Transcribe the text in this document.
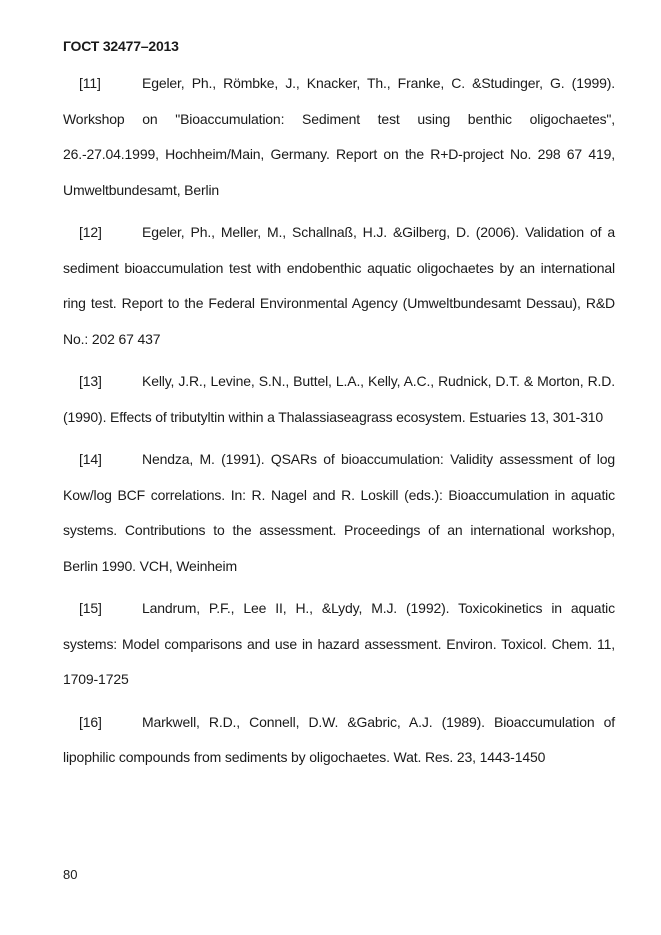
ГОСТ 32477–2013

[11]	Egeler, Ph., Römbke, J., Knacker, Th., Franke, C. &Studinger, G. (1999). Workshop on "Bioaccumulation: Sediment test using benthic oligochaetes", 26.-27.04.1999, Hochheim/Main, Germany. Report on the R+D-project No. 298 67 419, Umweltbundesamt, Berlin

[12]	Egeler, Ph., Meller, M., Schallnaß, H.J. &Gilberg, D. (2006). Validation of a sediment bioaccumulation test with endobenthic aquatic oligochaetes by an international ring test. Report to the Federal Environmental Agency (Umweltbundesamt Dessau), R&D No.: 202 67 437

[13]	Kelly, J.R., Levine, S.N., Buttel, L.A., Kelly, A.C., Rudnick, D.T. & Morton, R.D. (1990). Effects of tributyltin within a Thalassiaseagrass ecosystem. Estuaries 13, 301-310

[14]	Nendza, M. (1991). QSARs of bioaccumulation: Validity assessment of log Kow/log BCF correlations. In: R. Nagel and R. Loskill (eds.): Bioaccumulation in aquatic systems. Contributions to the assessment. Proceedings of an international workshop, Berlin 1990. VCH, Weinheim

[15]	Landrum, P.F., Lee II, H., &Lydy, M.J. (1992). Toxicokinetics in aquatic systems: Model comparisons and use in hazard assessment. Environ. Toxicol. Chem. 11, 1709-1725

[16]	Markwell, R.D., Connell, D.W. &Gabric, A.J. (1989). Bioaccumulation of lipophilic compounds from sediments by oligochaetes. Wat. Res. 23, 1443-1450

80
